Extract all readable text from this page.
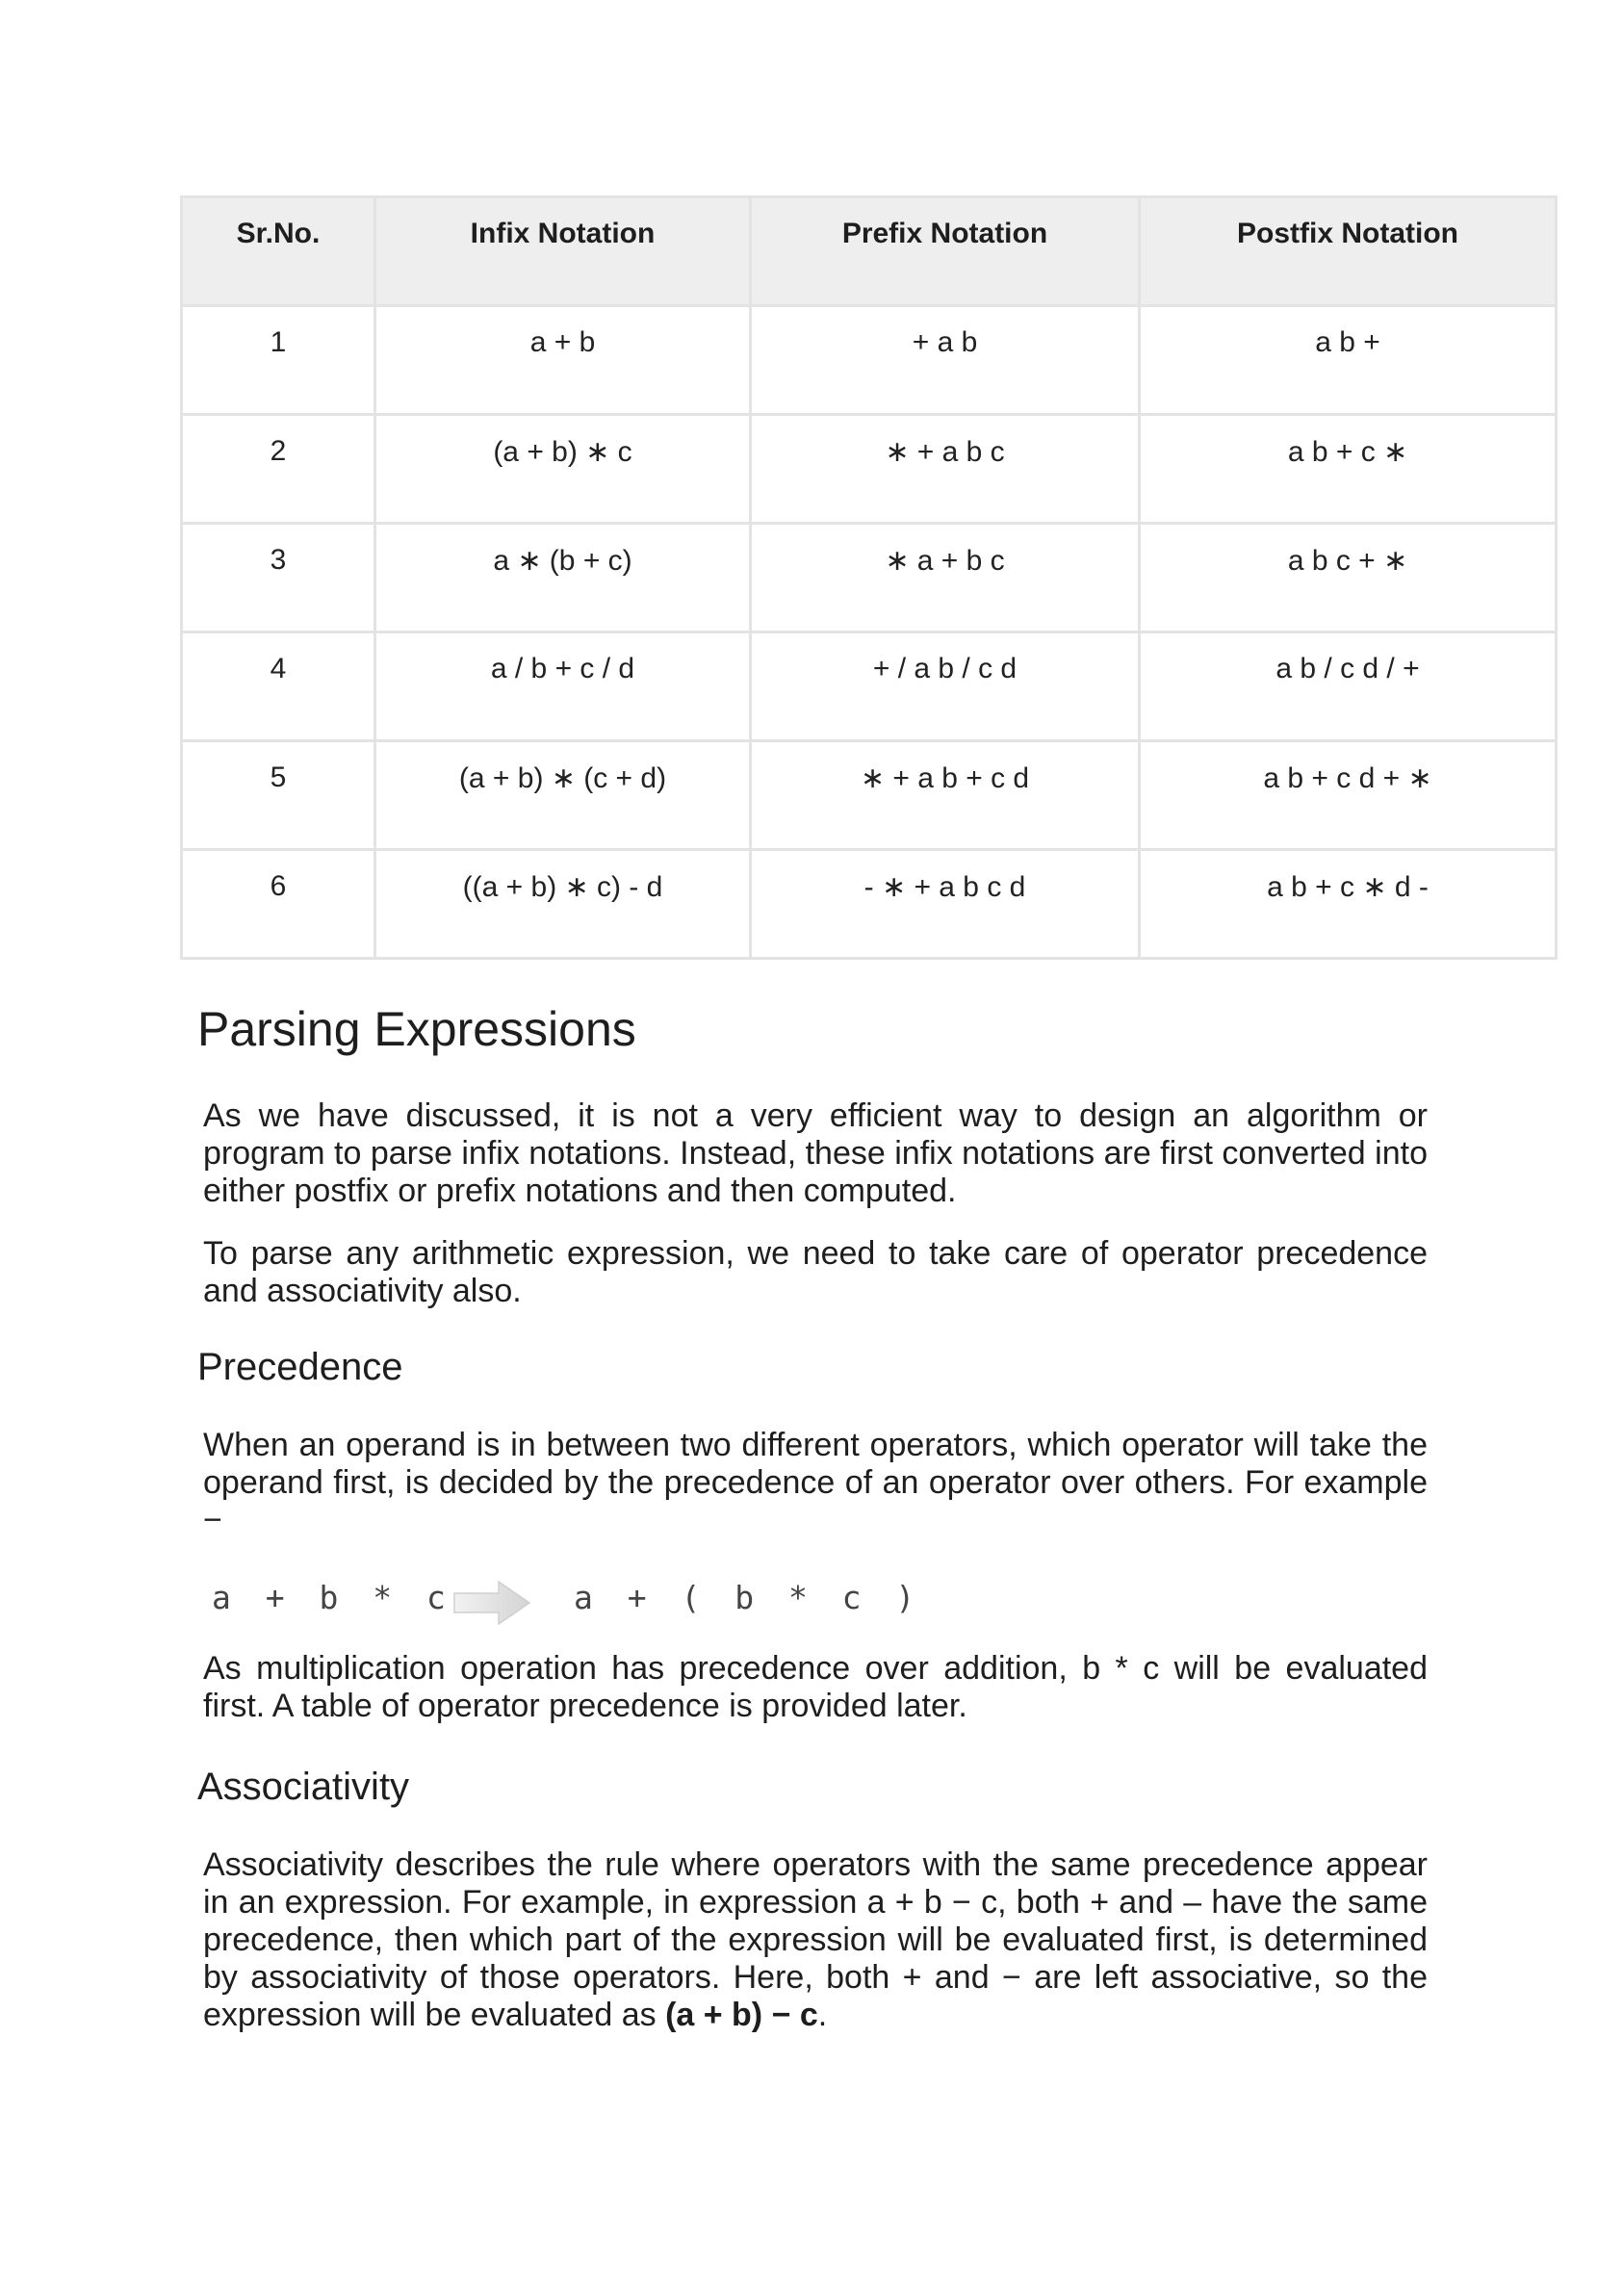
Sr.No.	Infix Notation	Prefix Notation	Postfix Notation
1	a + b	+ a b	a b +
2	(a + b) ∗ c	∗ + a b c	a b + c ∗
3	a ∗ (b + c)	∗ a + b c	a b c + ∗
4	a / b + c / d	+ / a b / c d	a b / c d / +
5	(a + b) ∗ (c + d)	∗ + a b + c d	a b + c d + ∗
6	((a + b) ∗ c) - d	- ∗ + a b c d	a b + c ∗ d -
Parsing Expressions

As we have discussed, it is not a very efficient way to design an algorithm or program to parse infix notations. Instead, these infix notations are first converted into either postfix or prefix notations and then computed.

To parse any arithmetic expression, we need to take care of operator precedence and associativity also.

Precedence

When an operand is in between two different operators, which operator will take the operand first, is decided by the precedence of an operator over others. For example −

a + b * c	a + ( b * c )

As multiplication operation has precedence over addition, b * c will be evaluated first. A table of operator precedence is provided later.

Associativity

Associativity describes the rule where operators with the same precedence appear in an expression. For example, in expression a + b − c, both + and – have the same precedence, then which part of the expression will be evaluated first, is determined by associativity of those operators. Here, both + and − are left associative, so the expression will be evaluated as (a + b) − c.
